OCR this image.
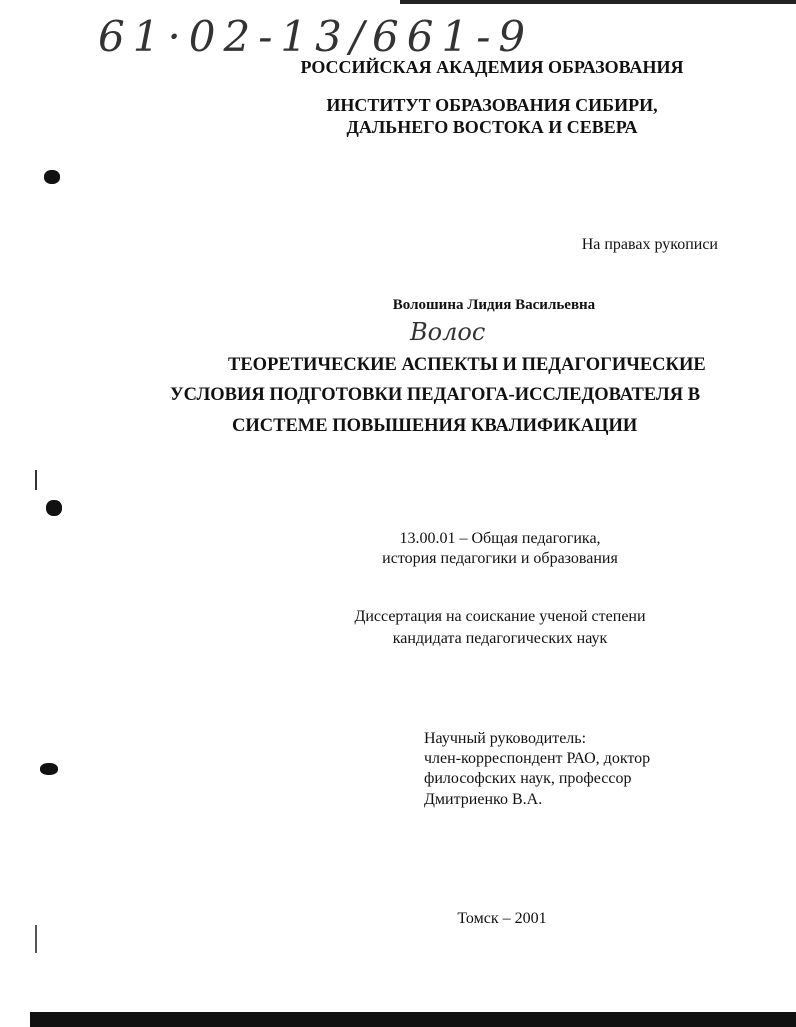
61·02-13/661-9
РОССИЙСКАЯ АКАДЕМИЯ ОБРАЗОВАНИЯ
ИНСТИТУТ ОБРАЗОВАНИЯ СИБИРИ,
ДАЛЬНЕГО ВОСТОКА И СЕВЕРА
На правах рукописи
Волошина Лидия Васильевна
Волос
ТЕОРЕТИЧЕСКИЕ АСПЕКТЫ И ПЕДАГОГИЧЕСКИЕ
УСЛОВИЯ ПОДГОТОВКИ ПЕДАГОГА-ИССЛЕДОВАТЕЛЯ В
СИСТЕМЕ ПОВЫШЕНИЯ КВАЛИФИКАЦИИ
13.00.01 – Общая педагогика,
история педагогики и образования
Диссертация на соискание ученой степени
кандидата педагогических наук
Научный руководитель:
член-корреспондент РАО, доктор
философских наук, профессор
Дмитриенко В.А.
Томск – 2001
